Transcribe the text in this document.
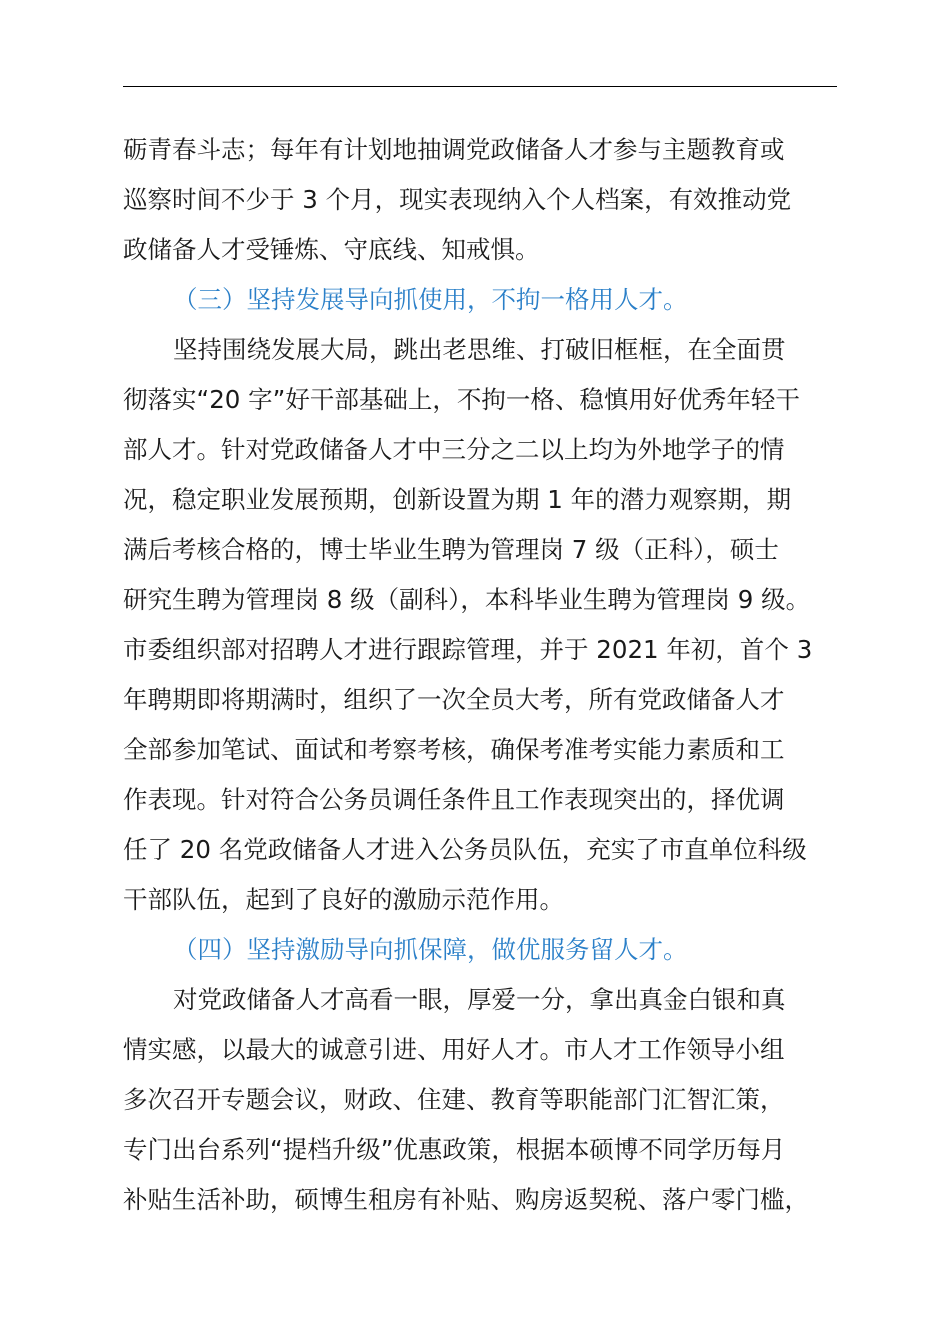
砺青春斗志；每年有计划地抽调党政储备人才参与主题教育或
巡察时间不少于 3 个月，现实表现纳入个人档案，有效推动党
政储备人才受锤炼、守底线、知戒惧。
（三）坚持发展导向抓使用，不拘一格用人才。
坚持围绕发展大局，跳出老思维、打破旧框框，在全面贯
彻落实“20 字”好干部基础上，不拘一格、稳慎用好优秀年轻干
部人才。针对党政储备人才中三分之二以上均为外地学子的情
况，稳定职业发展预期，创新设置为期 1 年的潜力观察期，期
满后考核合格的，博士毕业生聘为管理岗 7 级（正科），硕士
研究生聘为管理岗 8 级（副科），本科毕业生聘为管理岗 9 级。
市委组织部对招聘人才进行跟踪管理，并于 2021 年初，首个 3
年聘期即将期满时，组织了一次全员大考，所有党政储备人才
全部参加笔试、面试和考察考核，确保考准考实能力素质和工
作表现。针对符合公务员调任条件且工作表现突出的，择优调
任了 20 名党政储备人才进入公务员队伍，充实了市直单位科级
干部队伍，起到了良好的激励示范作用。
（四）坚持激励导向抓保障，做优服务留人才。
对党政储备人才高看一眼，厚爱一分，拿出真金白银和真
情实感，以最大的诚意引进、用好人才。市人才工作领导小组
多次召开专题会议，财政、住建、教育等职能部门汇智汇策，
专门出台系列“提档升级”优惠政策，根据本硕博不同学历每月
补贴生活补助，硕博生租房有补贴、购房返契税、落户零门槛，
